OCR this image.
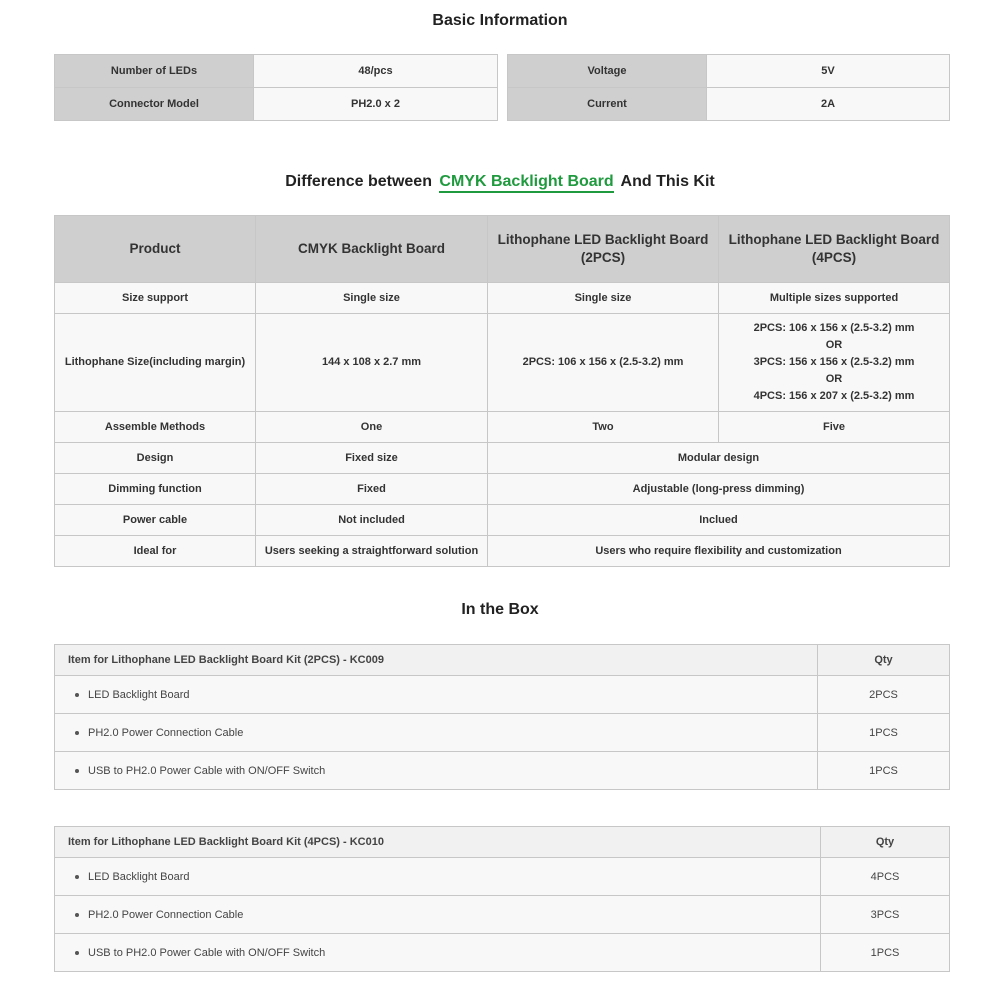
Basic Information
Number of LEDs	48/pcs
Connector Model	PH2.0 x 2
Voltage	5V
Current	2A
Difference between CMYK Backlight Board And This Kit
Product	CMYK Backlight Board	Lithophane LED Backlight Board (2PCS)	Lithophane LED Backlight Board (4PCS)
Size support	Single size	Single size	Multiple sizes supported
Lithophane Size(including margin)	144 x 108 x 2.7 mm	2PCS: 106 x 156 x (2.5-3.2) mm	2PCS: 106 x 156 x (2.5-3.2) mm
OR
3PCS: 156 x 156 x (2.5-3.2) mm
OR
4PCS: 156 x 207 x (2.5-3.2) mm

Assemble Methods	One	Two	Five
Design	Fixed size	Modular design	
Dimming function	Fixed	Adjustable (long-press dimming)	
Power cable	Not included	Inclued	
Ideal for	Users seeking a straightforward solution	Users who require flexibility and customization	
In the Box
Item for Lithophane LED Backlight Board Kit (2PCS) - KC009	Qty
LED Backlight Board	2PCS
PH2.0 Power Connection Cable	1PCS
USB to PH2.0 Power Cable with ON/OFF Switch	1PCS
Item for Lithophane LED Backlight Board Kit (4PCS) - KC010	Qty
LED Backlight Board	4PCS
PH2.0 Power Connection Cable	3PCS
USB to PH2.0 Power Cable with ON/OFF Switch	1PCS
